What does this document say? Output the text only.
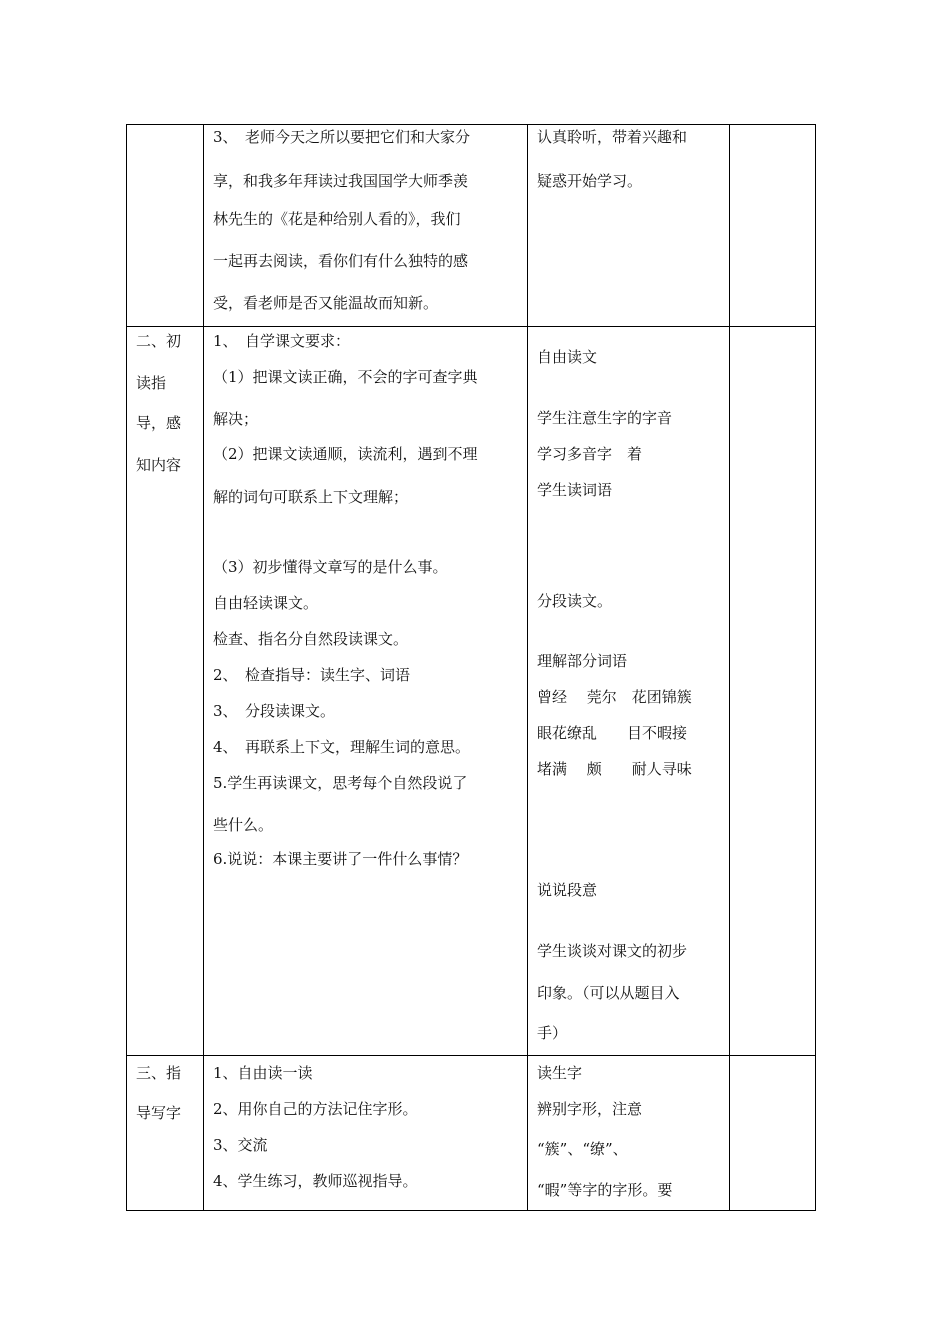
3、　老师今天之所以要把它们和大家分
享，和我多年拜读过我国国学大师季羡
林先生的《花是种给别人看的》，我们
一起再去阅读，看你们有什么独特的感
受，看老师是否又能温故而知新。
认真聆听，带着兴趣和
疑惑开始学习。
二、初
读指
导，感
知内容
1、　自学课文要求：
（1）把课文读正确，不会的字可查字典
解决；
（2）把课文读通顺，读流利，遇到不理
解的词句可联系上下文理解；
（3）初步懂得文章写的是什么事。
自由轻读课文。
检查、指名分自然段读课文。
2、　检查指导：读生字、词语
3、　分段读课文。
4、　再联系上下文，理解生词的意思。
5.学生再读课文，思考每个自然段说了
些什么。
6.说说：本课主要讲了一件什么事情？
自由读文
学生注意生字的字音
学习多音字　着
学生读词语
分段读文。
理解部分词语
曾经　 莞尔　花团锦簇
眼花缭乱　　目不暇接
堵满　 颇　　耐人寻味
说说段意
学生谈谈对课文的初步
印象。（可以从题目入
手）
三、指
导写字
1、自由读一读
2、用你自己的方法记住字形。
3、交流
4、学生练习，教师巡视指导。
读生字
辨别字形，注意
“簇”、“缭”、
“暇”等字的字形。要
